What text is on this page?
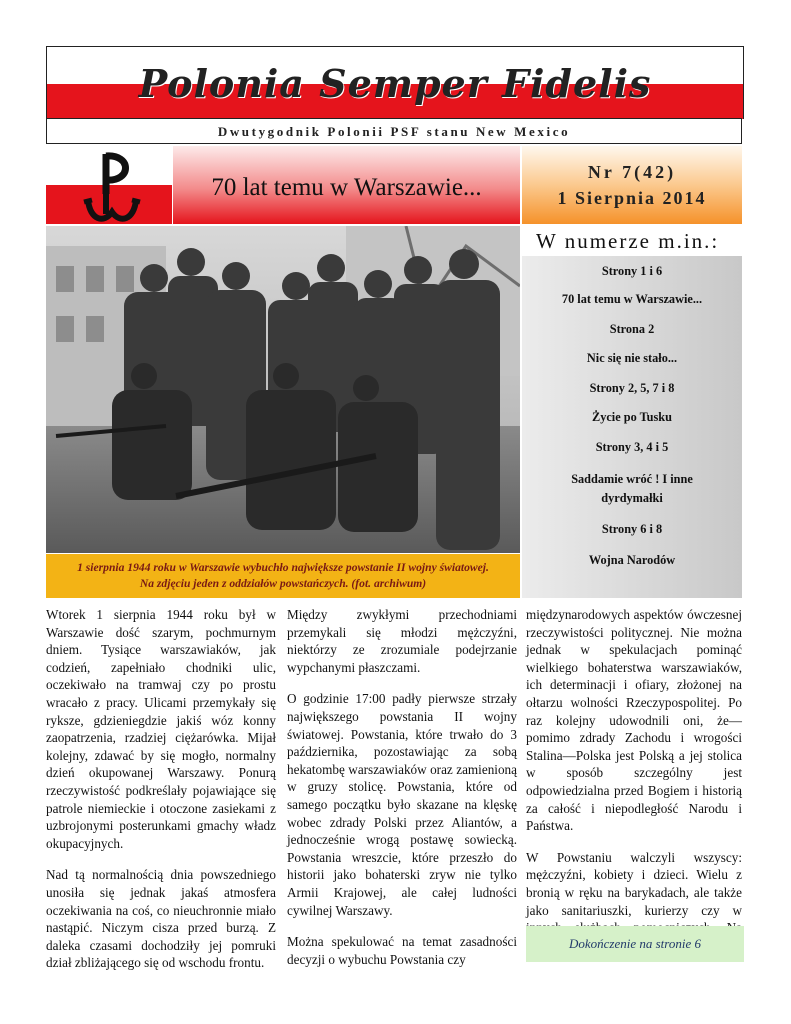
Polonia Semper Fidelis
Dwutygodnik Polonii PSF stanu New Mexico
70 lat temu w Warszawie...
Nr 7(42)
1 Sierpnia 2014
1 sierpnia 1944 roku w Warszawie wybuchło największe powstanie II wojny światowej.
Na zdjęciu jeden z oddziałów powstańczych. (fot. archiwum)
W numerze m.in.:
Strony 1 i 6
70 lat temu w Warszawie...
Strona 2
Nic się nie stało...
Strony 2, 5, 7 i 8
Życie po Tusku
Strony 3, 4 i 5
Saddamie wróć ! I inne dyrdymałki
Strony 6 i 8
Wojna Narodów

Wtorek 1 sierpnia 1944 roku był w Warszawie dość szarym, pochmurnym dniem. Tysiące warszawiaków, jak codzień, zapełniało chodniki ulic, oczekiwało na tramwaj czy po prostu wracało z pracy. Ulicami przemykały się ryksze, gdzieniegdzie jakiś wóz konny zaopatrzenia, rzadziej ciężarówka. Mijał kolejny, zdawać by się mogło, normalny dzień okupowanej Warszawy. Ponurą rzeczywistość podkreślały pojawiające się patrole niemieckie i otoczone zasiekami z uzbrojonymi posterunkami gmachy władz okupacyjnych.

Nad tą normalnością dnia powszedniego unosiła się jednak jakaś atmosfera oczekiwania na coś, co nieuchronnie miało nastąpić. Niczym cisza przed burzą. Z daleka czasami dochodziły jej pomruki dział zbliżającego się od wschodu frontu.

Między zwykłymi przechodniami przemykali się młodzi mężczyźni, niektórzy ze zrozumiale podejrzanie wypchanymi płaszczami.

O godzinie 17:00 padły pierwsze strzały największego powstania II wojny światowej. Powstania, które trwało do 3 października, pozostawiając za sobą hekatombę warszawiaków oraz zamienioną w gruzy stolicę. Powstania, które od samego początku było skazane na klęskę wobec zdrady Polski przez Aliantów, a jednocześnie wrogą postawę sowiecką. Powstania wreszcie, które przeszło do historii jako bohaterski zryw nie tylko Armii Krajowej, ale całej ludności cywilnej Warszawy.

Można spekulować na temat zasadności decyzji o wybuchu Powstania czy

międzynarodowych aspektów ówczesnej rzeczywistości politycznej. Nie można jednak w spekulacjach pominąć wielkiego bohaterstwa warszawiaków, ich determinacji i ofiary, złożonej na ołtarzu wolności Rzeczypospolitej. Po raz kolejny udowodnili oni, że—pomimo zdrady Zachodu i wrogości Stalina—Polska jest Polską a jej stolica w sposób szczególny jest odpowiedzialna przed Bogiem i historią za całość i niepodległość Narodu i Państwa.

W Powstaniu walczyli wszyscy: mężczyźni, kobiety i dzieci. Wielu z bronią w ręku na barykadach, ale także jako sanitariuszki, kurierzy czy w

Dokończenie na stronie 6
